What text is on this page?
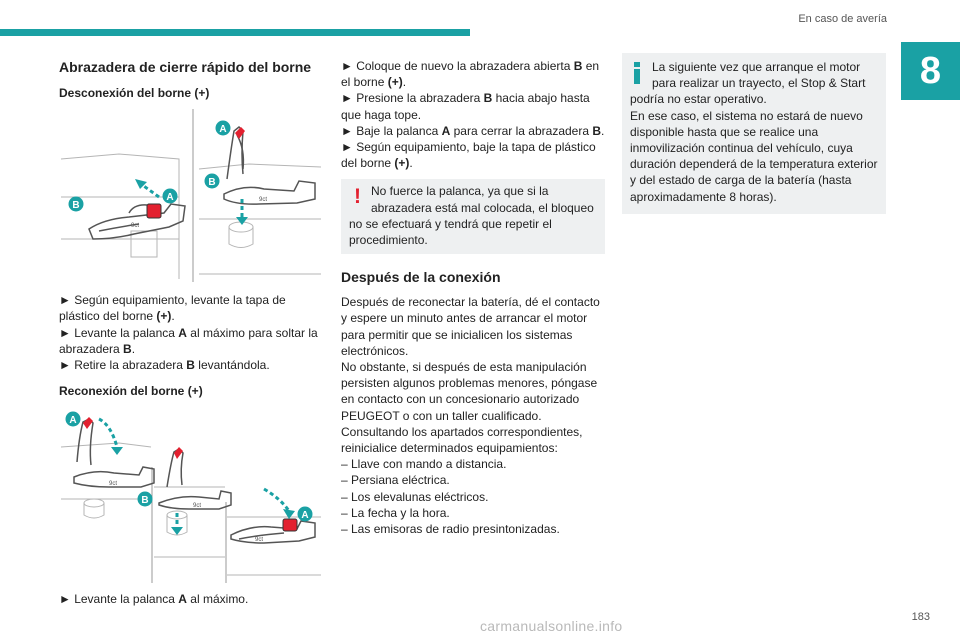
En caso de avería
8
Abrazadera de cierre rápido del borne
Desconexión del borne (+)
9ct
A
B	9ct
A
B

► Según equipamiento, levante la tapa de plástico del borne (+).
► Levante la palanca A al máximo para soltar la abrazadera B.
► Retire la abrazadera B levantándola.

Reconexión del borne (+)
9ct
A
9ct
B
9ct
A

► Levante la palanca A al máximo.

► Coloque de nuevo la abrazadera abierta B en el borne (+).
► Presione la abrazadera B hacia abajo hasta que haga tope.
► Baje la palanca A para cerrar la abrazadera B.
► Según equipamiento, baje la tapa de plástico del borne (+).

! No fuerce la palanca, ya que si la abrazadera está mal colocada, el bloqueo
no se efectuará y tendrá que repetir el procedimiento.
Después de la conexión

Después de reconectar la batería, dé el contacto y espere un minuto antes de arrancar el motor para permitir que se inicialicen los sistemas electrónicos.

No obstante, si después de esta manipulación persisten algunos problemas menores, póngase en contacto con un concesionario autorizado PEUGEOT o con un taller cualificado.

Consultando los apartados correspondientes, reinicialice determinados equipamientos:

– Llave con mando a distancia.
– Persiana eléctrica.
– Los elevalunas eléctricos.
– La fecha y la hora.
– Las emisoras de radio presintonizadas.
La siguiente vez que arranque el motor para realizar un trayecto, el Stop & Start
podría no estar operativo.
En ese caso, el sistema no estará de nuevo disponible hasta que se realice una inmovilización continua del vehículo, cuya duración dependerá de la temperatura exterior y del estado de carga de la batería (hasta aproximadamente 8 horas).
183
carmanualsonline.info
